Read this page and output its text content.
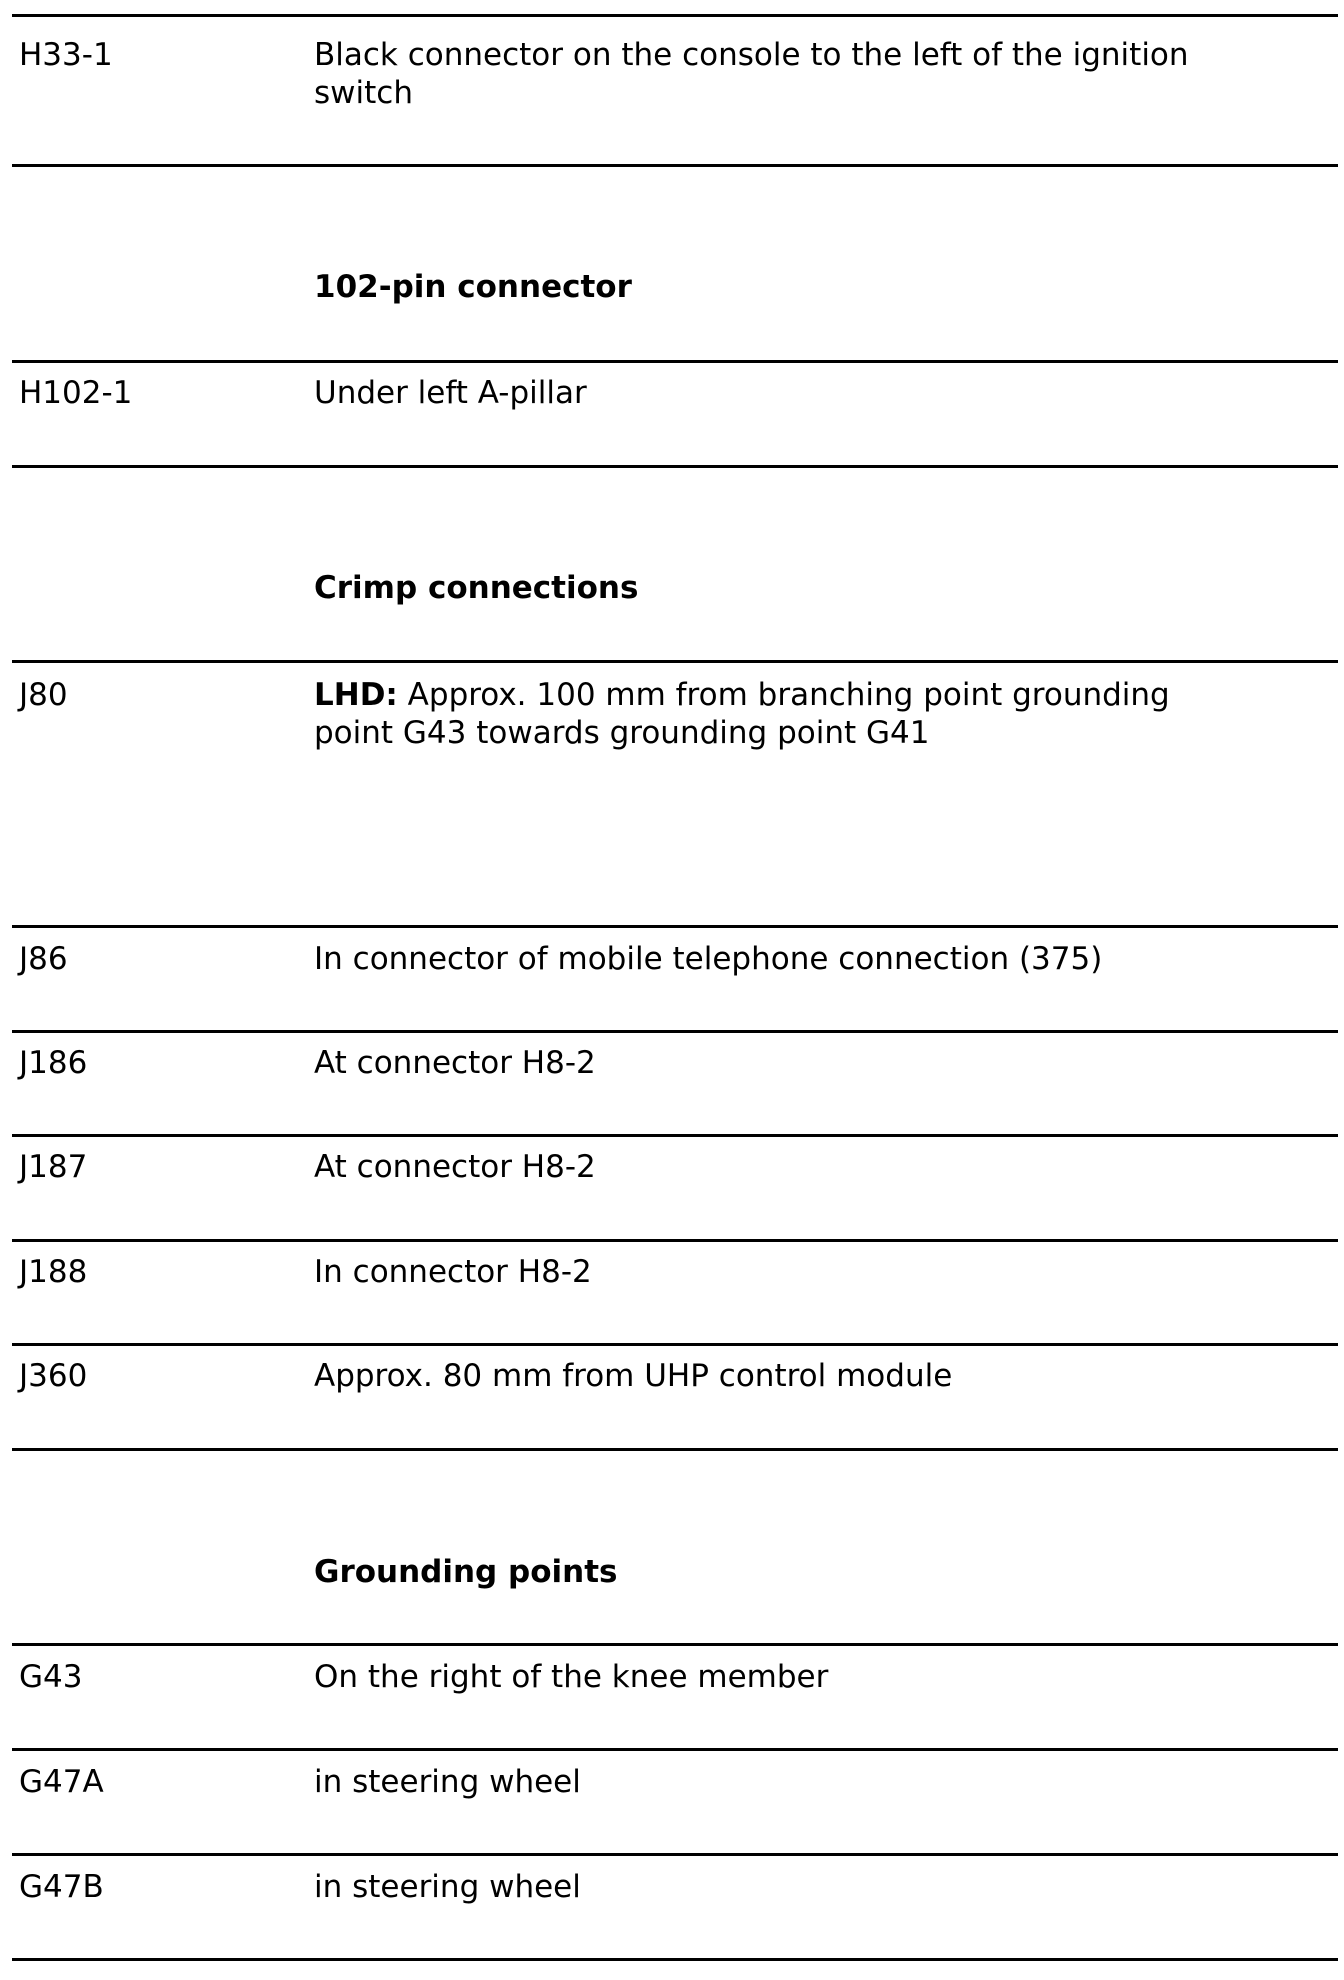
H33-1	Black connector on the console to the left of the ignition
switch
102-pin connector
H102-1	Under left A-pillar
Crimp connections
J80	LHD: Approx. 100 mm from branching point grounding
point G43 towards grounding point G41
J86	In connector of mobile telephone connection (375)
J186	At connector H8-2
J187	At connector H8-2
J188	In connector H8-2
J360	Approx. 80 mm from UHP control module
Grounding points
G43	On the right of the knee member
G47A	in steering wheel
G47B	in steering wheel
